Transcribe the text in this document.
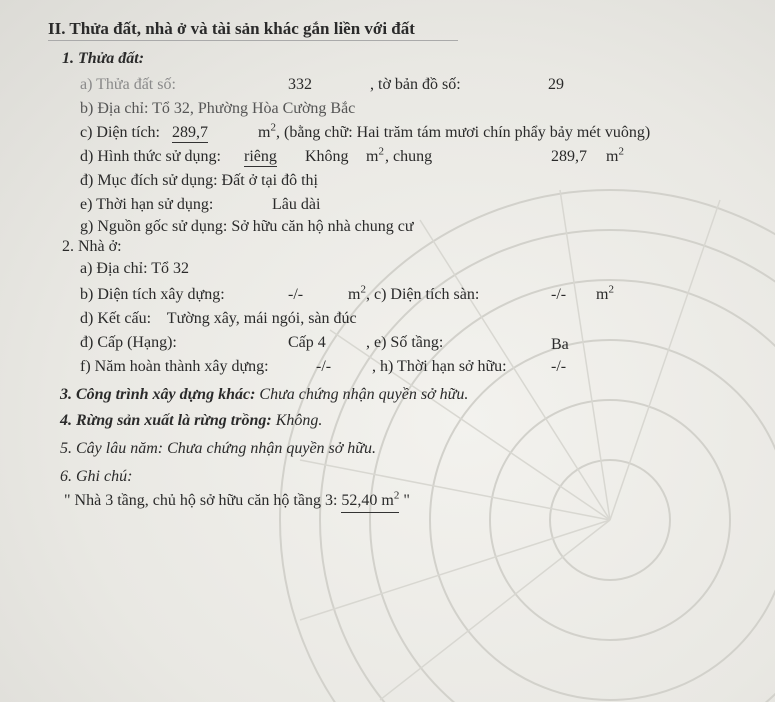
II. Thửa đất, nhà ở và tài sản khác gắn liền với đất
1. Thửa đất:
a) Thửa đất số:	332	, tờ bản đồ số:	29
b) Địa chỉ: Tổ 32, Phường Hòa Cường Bắc
c) Diện tích: 289,7	$m^2$ , (bằng chữ: Hai trăm tám mươi chín phẩy bảy mét vuông)
d) Hình thức sử dụng: riêng Không $m^2$ , chung	289,7 $m^2$
đ) Mục đích sử dụng: Đất ở tại đô thị
e) Thời hạn sử dụng:	Lâu dài
g) Nguồn gốc sử dụng: Sở hữu căn hộ nhà chung cư
2. Nhà ở:
a) Địa chỉ: Tổ 32
b) Diện tích xây dựng:	-/-	$m^2$ , c) Diện tích sàn:	-/- $m^2$
d) Kết cấu:    Tường xây, mái ngói, sàn đúc
đ) Cấp (Hạng):	Cấp 4	, e) Số tầng:	Ba
f) Năm hoàn thành xây dựng:	-/-	, h) Thời hạn sở hữu:	-/-
3. Công trình xây dựng khác: Chưa chứng nhận quyền sở hữu.
4. Rừng sản xuất là rừng trồng: Không.
5. Cây lâu năm: Chưa chứng nhận quyền sở hữu.
6. Ghi chú:
" Nhà 3 tầng, chủ hộ sở hữu căn hộ tầng 3: 52,40 $m^2$ "
